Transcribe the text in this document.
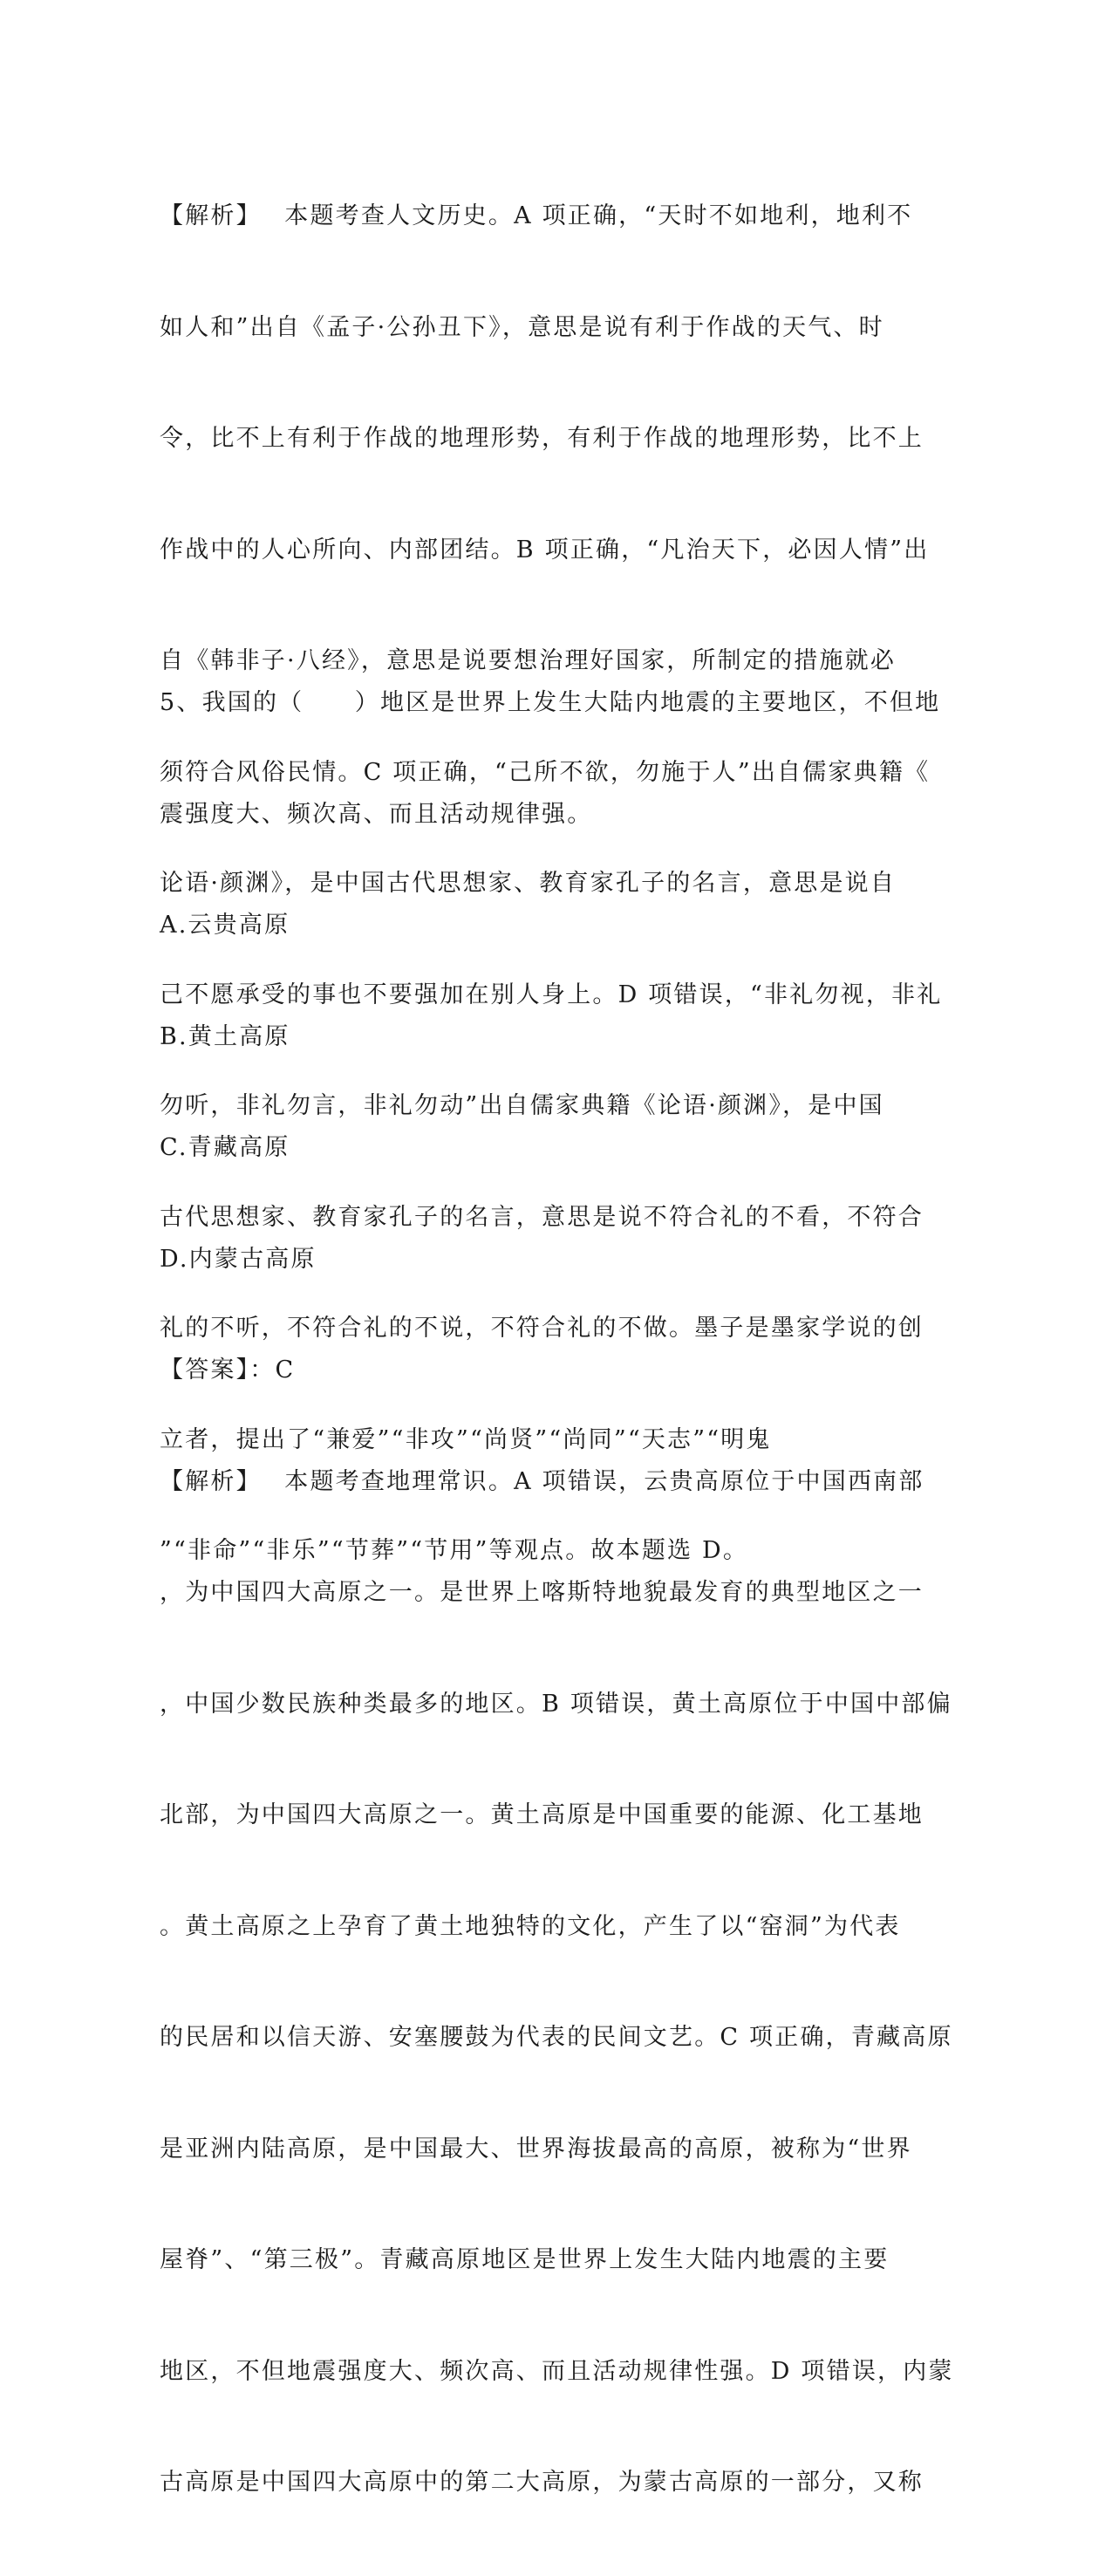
【解析】　 本题考查人文历史。A 项正确，“天时不如地利，地利不

如人和”出自《孟子·公孙丑下》，意思是说有利于作战的天气、时

令，比不上有利于作战的地理形势，有利于作战的地理形势，比不上

作战中的人心所向、内部团结。B 项正确，“凡治天下，必因人情”出

自《韩非子·八经》，意思是说要想治理好国家，所制定的措施就必

须符合风俗民情。C 项正确，“己所不欲，勿施于人”出自儒家典籍《

论语·颜渊》，是中国古代思想家、教育家孔子的名言，意思是说自

己不愿承受的事也不要强加在别人身上。D 项错误，“非礼勿视，非礼

勿听，非礼勿言，非礼勿动”出自儒家典籍《论语·颜渊》，是中国

古代思想家、教育家孔子的名言，意思是说不符合礼的不看，不符合

礼的不听，不符合礼的不说，不符合礼的不做。墨子是墨家学说的创

立者，提出了“兼爱”“非攻”“尚贤”“尚同”“天志”“明鬼

”“非命”“非乐”“节葬”“节用”等观点。故本题选 D。

5、我国的（　　）地区是世界上发生大陆内地震的主要地区，不但地

震强度大、频次高、而且活动规律强。

A.云贵高原

B.黄土高原

C.青藏高原

D.内蒙古高原

【答案】：C

【解析】　 本题考查地理常识。A 项错误，云贵高原位于中国西南部

，为中国四大高原之一。是世界上喀斯特地貌最发育的典型地区之一

，中国少数民族种类最多的地区。B 项错误，黄土高原位于中国中部偏

北部，为中国四大高原之一。黄土高原是中国重要的能源、化工基地

。黄土高原之上孕育了黄土地独特的文化，产生了以“窑洞”为代表

的民居和以信天游、安塞腰鼓为代表的民间文艺。C 项正确，青藏高原

是亚洲内陆高原，是中国最大、世界海拔最高的高原，被称为“世界

屋脊”、“第三极”。青藏高原地区是世界上发生大陆内地震的主要

地区，不但地震强度大、频次高、而且活动规律性强。D 项错误，内蒙

古高原是中国四大高原中的第二大高原，为蒙古高原的一部分，又称
